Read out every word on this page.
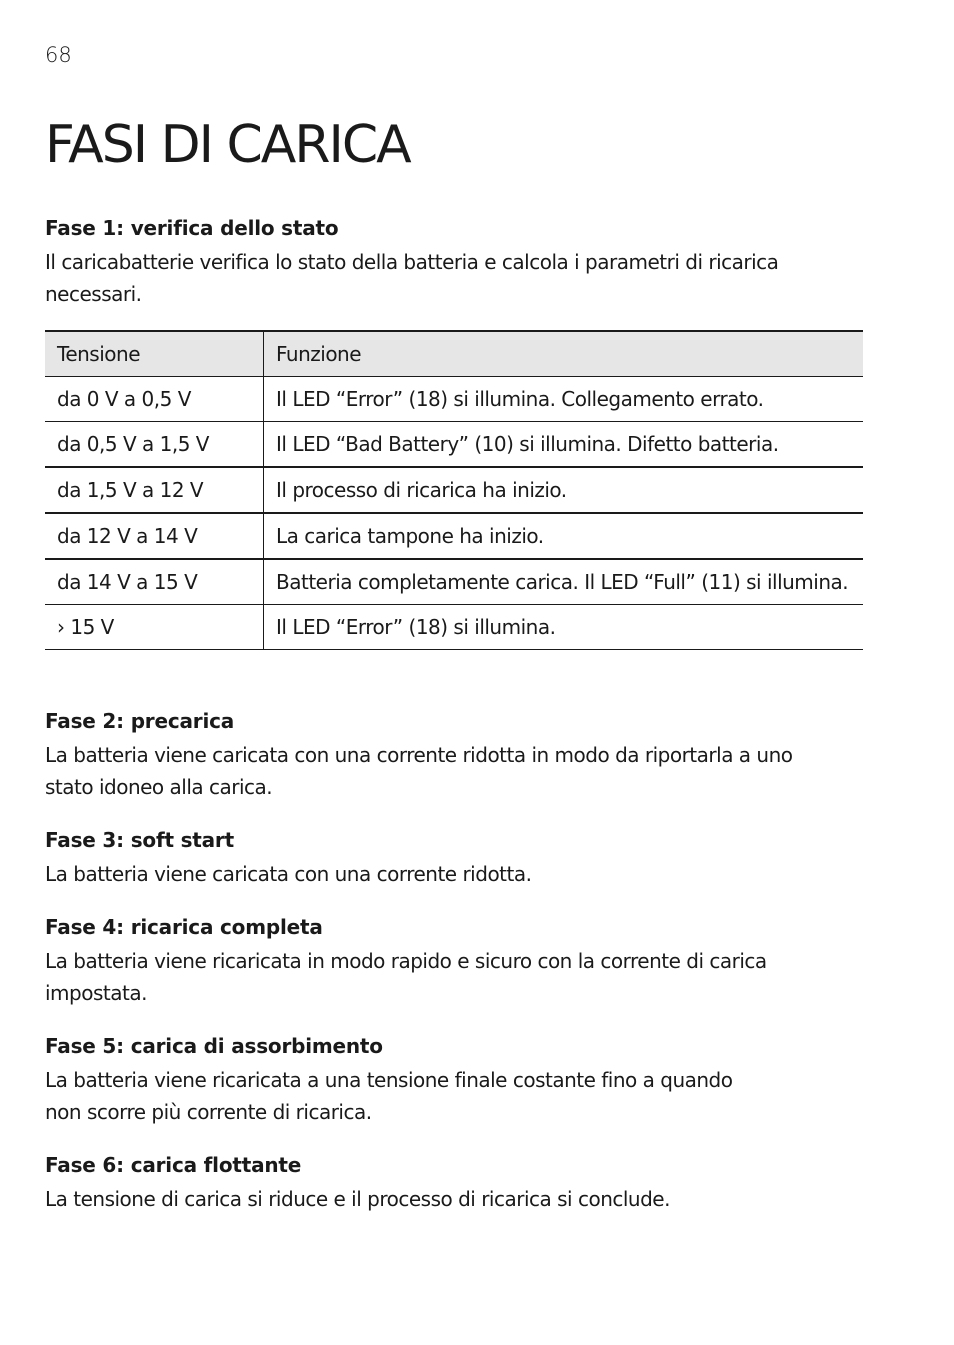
68
FASI DI CARICA
Fase 1: verifica dello stato

Il caricabatterie verifica lo stato della batteria e calcola i parametri di ricarica necessari.

Tensione	Funzione
da 0 V a 0,5 V	Il LED “Error” (18) si illumina. Collegamento errato.
da 0,5 V a 1,5 V	Il LED “Bad Battery” (10) si illumina. Difetto batteria.
da 1,5 V a 12 V	Il processo di ricarica ha inizio.
da 12 V a 14 V	La carica tampone ha inizio.
da 14 V a 15 V	Batteria completamente carica. Il LED “Full” (11) si illumina.
› 15 V	Il LED “Error” (18) si illumina.
Fase 2: precarica

La batteria viene caricata con una corrente ridotta in modo da riportarla a uno stato idoneo alla carica.

Fase 3: soft start

La batteria viene caricata con una corrente ridotta.

Fase 4: ricarica completa

La batteria viene ricaricata in modo rapido e sicuro con la corrente di carica impostata.

Fase 5: carica di assorbimento

La batteria viene ricaricata a una tensione finale costante fino a quando non scorre più corrente di ricarica.

Fase 6: carica flottante

La tensione di carica si riduce e il processo di ricarica si conclude.
